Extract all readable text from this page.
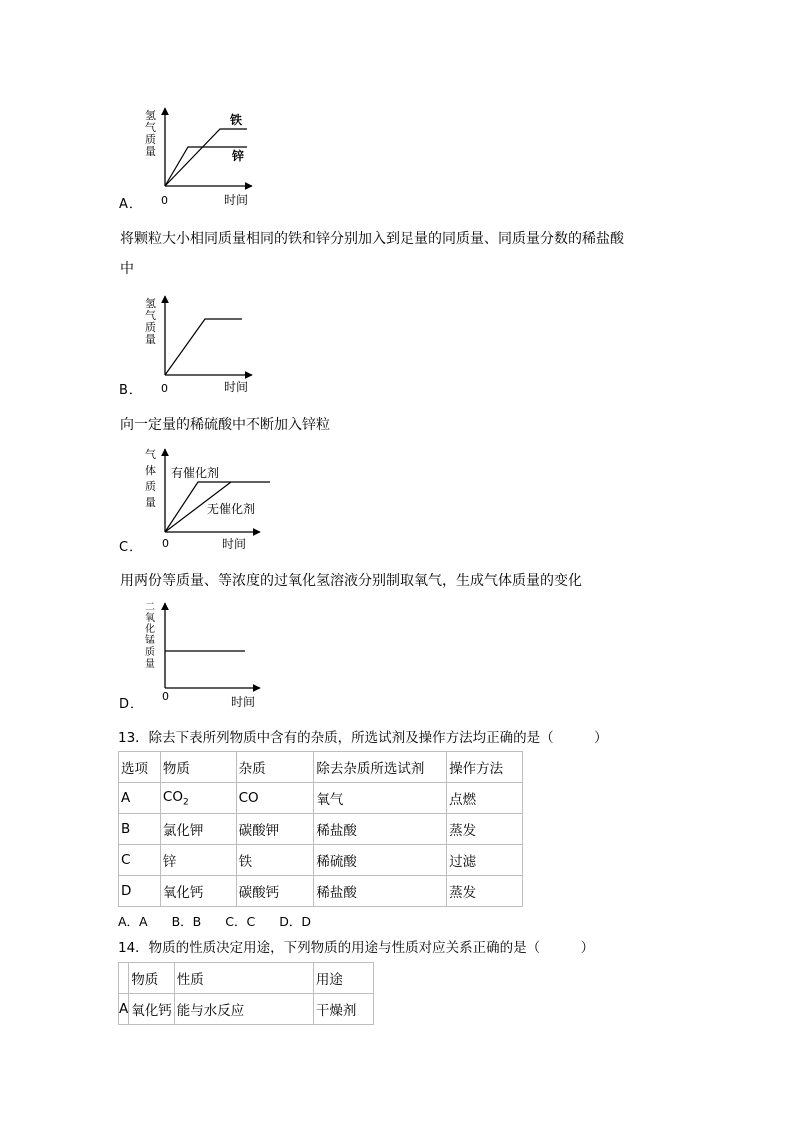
氢
气
质
量
铁
锌
0	时间
A．
将颗粒大小相同质量相同的铁和锌分别加入到足量的同质量、同质量分数的稀盐酸
中
氢
气
质
量
0	时间
B．
向一定量的稀硫酸中不断加入锌粒
气
体
质
量
有催化剂
无催化剂
0	时间
C．
用两份等质量、等浓度的过氧化氢溶液分别制取氧气，生成气体质量的变化
二
氧
化
锰
质
量
0	时间
D．
13．除去下表所列物质中含有的杂质，所选试剂及操作方法均正确的是（　　　）
选项	物质	杂质	除去杂质所选试剂	操作方法
A	$CO_2$	CO	氧气	点燃
B	氯化钾	碳酸钾	稀盐酸	蒸发
C	锌	铁	稀硫酸	过滤
D	氧化钙	碳酸钙	稀盐酸	蒸发
A．A B．B C．C D．D
14．物质的性质决定用途，下列物质的用途与性质对应关系正确的是（　　　）
	物质	性质	用途
A	氧化钙	能与水反应	干燥剂
